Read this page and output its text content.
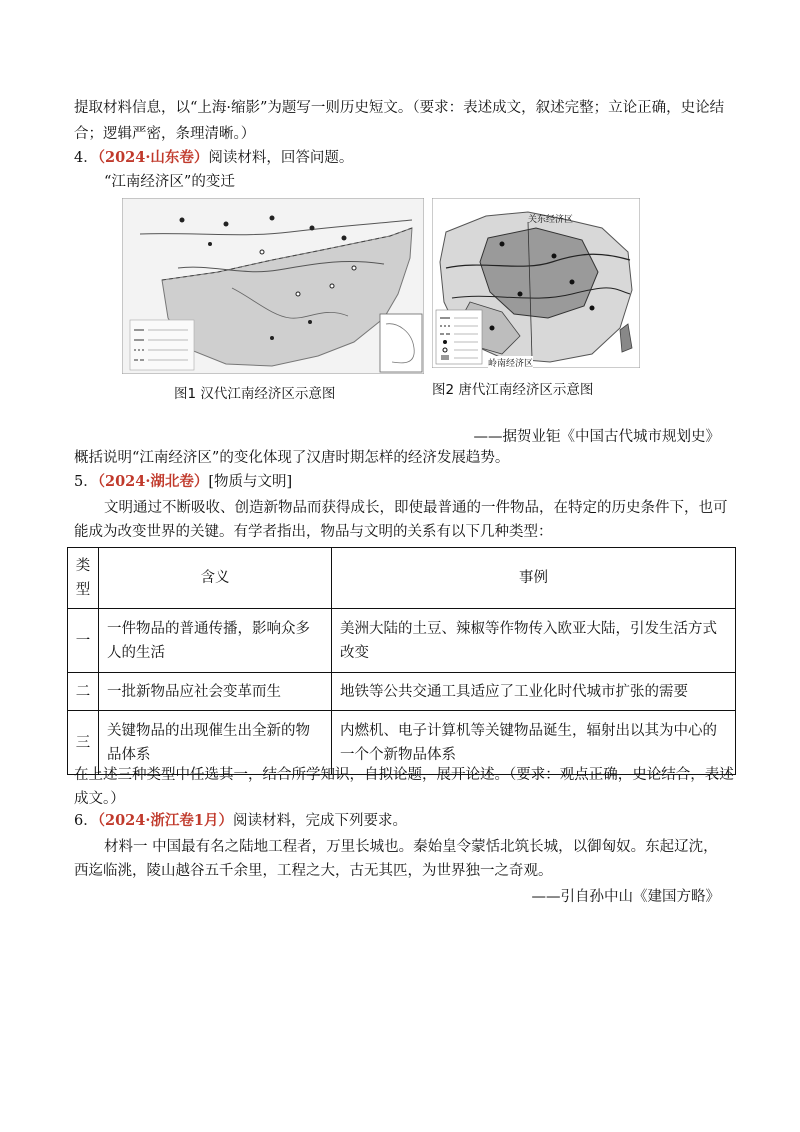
提取材料信息，以“上海·缩影”为题写一则历史短文。（要求：表述成文，叙述完整；立论正确，史论结
合；逻辑严密，条理清晰。）
4．（2024·山东卷）阅读材料，回答问题。
“江南经济区”的变迁
图1 汉代江南经济区示意图
关东经济区
岭南经济区
图2 唐代江南经济区示意图
——据贺业钜《中国古代城市规划史》
概括说明“江南经济区”的变化体现了汉唐时期怎样的经济发展趋势。
5．（2024·湖北卷）[物质与文明]
文明通过不断吸收、创造新物品而获得成长，即使最普通的一件物品，在特定的历史条件下，也可
能成为改变世界的关键。有学者指出，物品与文明的关系有以下几种类型：
类型	含义	事例
一	一件物品的普通传播，影响众多人的生活	美洲大陆的土豆、辣椒等作物传入欧亚大陆，引发生活方式改变
二	一批新物品应社会变革而生	地铁等公共交通工具适应了工业化时代城市扩张的需要
三	关键物品的出现催生出全新的物品体系	内燃机、电子计算机等关键物品诞生，辐射出以其为中心的一个个新物品体系
在上述三种类型中任选其一，结合所学知识，自拟论题，展开论述。（要求：观点正确，史论结合，表述
成文。）
6．（2024·浙江卷1月）阅读材料，完成下列要求。
材料一 中国最有名之陆地工程者，万里长城也。秦始皇令蒙恬北筑长城，以御匈奴。东起辽沈，
西迄临洮，陵山越谷五千余里，工程之大，古无其匹，为世界独一之奇观。
——引自孙中山《建国方略》
